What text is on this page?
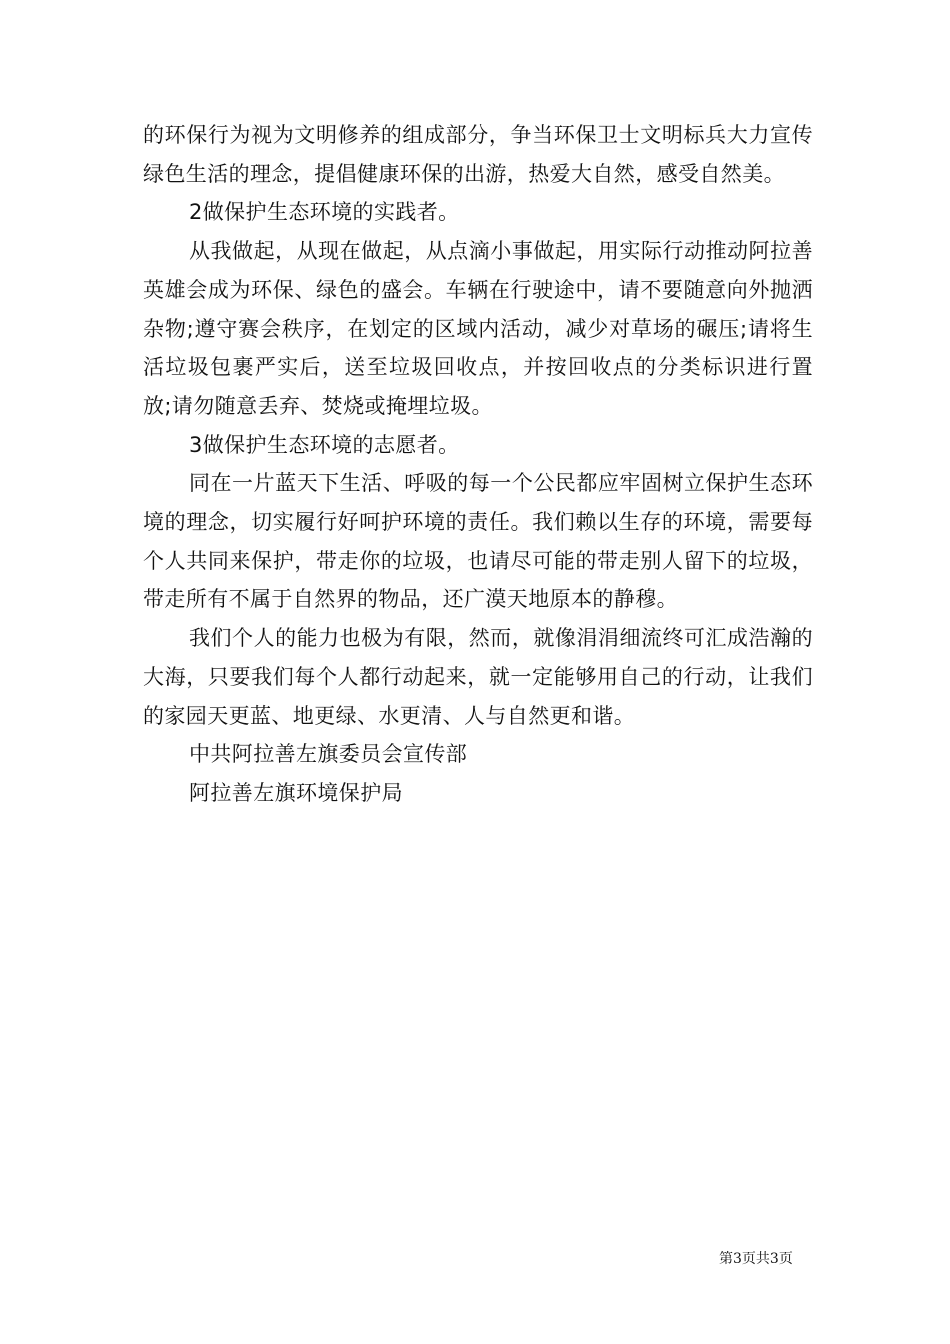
的环保行为视为文明修养的组成部分，争当环保卫士文明标兵大力宣传绿色生活的理念，提倡健康环保的出游，热爱大自然，感受自然美。

2做保护生态环境的实践者。

从我做起，从现在做起，从点滴小事做起，用实际行动推动阿拉善英雄会成为环保、绿色的盛会。车辆在行驶途中，请不要随意向外抛洒杂物;遵守赛会秩序，在划定的区域内活动，减少对草场的碾压;请将生活垃圾包裹严实后，送至垃圾回收点，并按回收点的分类标识进行置放;请勿随意丢弃、焚烧或掩埋垃圾。

3做保护生态环境的志愿者。

同在一片蓝天下生活、呼吸的每一个公民都应牢固树立保护生态环境的理念，切实履行好呵护环境的责任。我们赖以生存的环境，需要每个人共同来保护，带走你的垃圾，也请尽可能的带走别人留下的垃圾，带走所有不属于自然界的物品，还广漠天地原本的静穆。

我们个人的能力也极为有限，然而，就像涓涓细流终可汇成浩瀚的大海，只要我们每个人都行动起来，就一定能够用自己的行动，让我们的家园天更蓝、地更绿、水更清、人与自然更和谐。

中共阿拉善左旗委员会宣传部

阿拉善左旗环境保护局

第3页共3页
